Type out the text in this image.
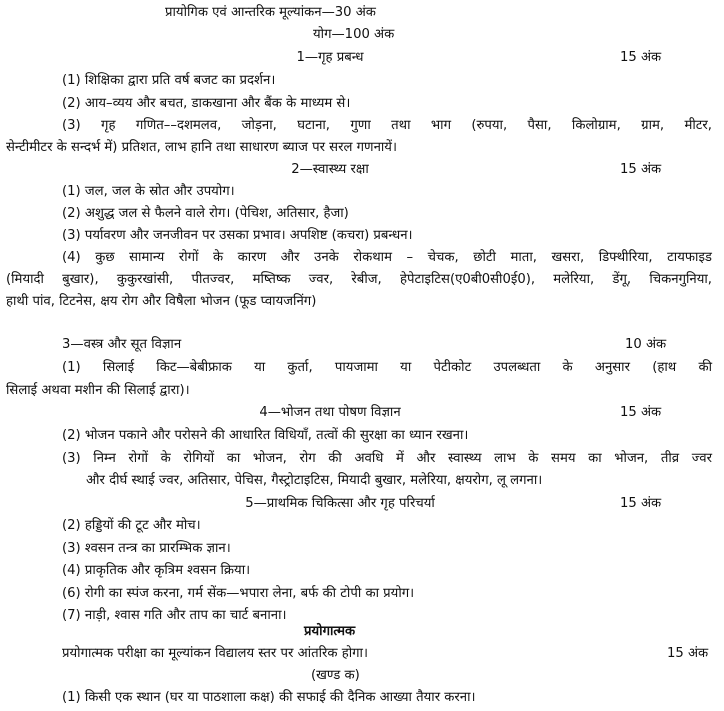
प्रायोगिक एवं आन्तरिक मूल्यांकन—30 अंक
योग—100 अंक
1—गृह प्रबन्ध	15 अंक
(1) शिक्षिका द्वारा प्रति वर्ष बजट का प्रदर्शन।
(2) आय–व्यय और बचत, डाकखाना और बैंक के माध्यम से।
(3) गृह गणित––दशमलव, जोड़ना, घटाना, गुणा तथा भाग (रुपया, पैसा, किलोग्राम, ग्राम, मीटर,
सेन्टीमीटर के सन्दर्भ में) प्रतिशत, लाभ हानि तथा साधारण ब्याज पर सरल गणनायें।
2—स्वास्थ्य रक्षा	15 अंक
(1) जल, जल के स्रोत और उपयोग।
(2) अशुद्ध जल से फैलने वाले रोग। (पेचिश, अतिसार, हैजा)
(3) पर्यावरण और जनजीवन पर उसका प्रभाव। अपशिष्ट (कचरा) प्रबन्धन।
(4) कुछ सामान्य रोगों के कारण और उनके रोकथाम – चेचक, छोटी माता, खसरा, डिफ्थीरिया, टायफाइड
(मियादी बुखार), कुकुरखांसी, पीतज्वर, मष्तिष्क ज्वर, रेबीज, हेपेटाइटिस(ए0बी0सी0ई0), मलेरिया, डेंगू, चिकनगुनिया,
हाथी पांव, टिटनेस, क्षय रोग और विषैला भोजन (फूड प्वायजनिंग)
3—वस्त्र और सूत विज्ञान	10 अंक
(1) सिलाई किट—बेबीफ्राक या कुर्ता, पायजामा या पेटीकोट उपलब्धता के अनुसार (हाथ की
सिलाई अथवा मशीन की सिलाई द्वारा)।
4—भोजन तथा पोषण विज्ञान	15 अंक
(2) भोजन पकाने और परोसने की आधारित विधियाँ, तत्वों की सुरक्षा का ध्यान रखना।
(3) निम्न रोगों के रोगियों का भोजन, रोग की अवधि में और स्वास्थ्य लाभ के समय का भोजन, तीव्र ज्वर
और दीर्घ स्थाई ज्वर, अतिसार, पेचिस, गैस्ट्रोटाइटिस, मियादी बुखार, मलेरिया, क्षयरोग, लू लगना।
5—प्राथमिक चिकित्सा और गृह परिचर्या	15 अंक
(2) हड्डियों की टूट और मोच।
(3) श्वसन तन्त्र का प्रारम्भिक ज्ञान।
(4) प्राकृतिक और कृत्रिम श्वसन क्रिया।
(6) रोगी का स्पंज करना, गर्म सेंक—भपारा लेना, बर्फ की टोपी का प्रयोग।
(7) नाड़ी, श्वास गति और ताप का चार्ट बनाना।
प्रयोगात्मक
प्रयोगात्मक परीक्षा का मूल्यांकन विद्यालय स्तर पर आंतरिक होगा।	15 अंक
(खण्ड क)
(1) किसी एक स्थान (घर या पाठशाला कक्ष) की सफाई की दैनिक आख्या तैयार करना।
